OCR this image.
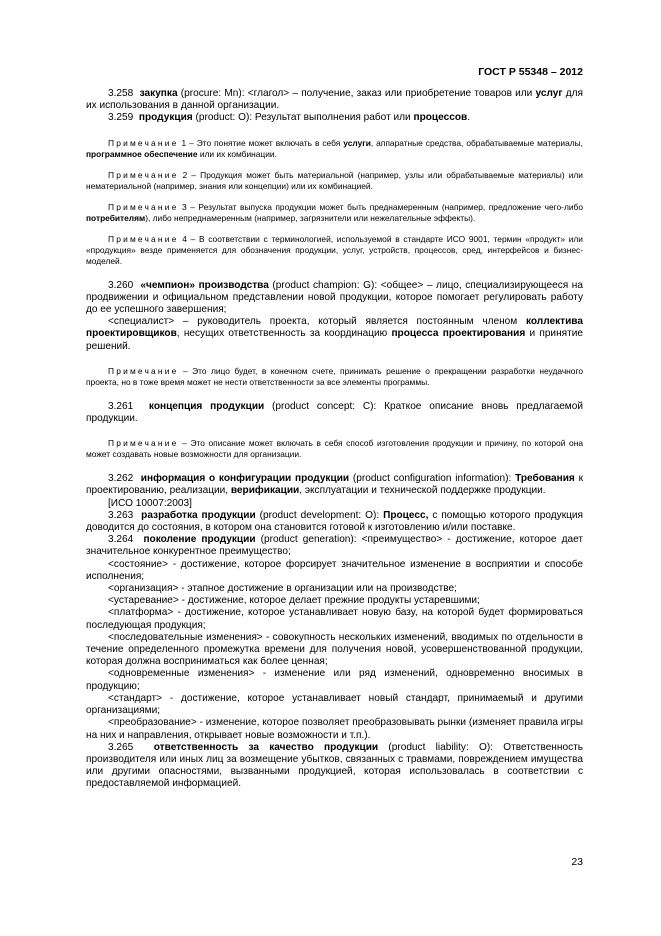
ГОСТ Р 55348 – 2012

3.258 закупка (procure: Mn): <глагол> – получение, заказ или приобретение товаров или услуг для их использования в данной организации.

3.259 продукция (product: O): Результат выполнения работ или процессов.

Примечание 1 – Это понятие может включать в себя услуги, аппаратные средства, обрабатываемые материалы, программное обеспечение или их комбинации.

Примечание 2 – Продукция может быть материальной (например, узлы или обрабатываемые материалы) или нематериальной (например, знания или концепции) или их комбинацией.

Примечание 3 – Результат выпуска продукции может быть преднамеренным (например, предложение чего-либо потребителям), либо непреднамеренным (например, загрязнители или нежелательные эффекты).

Примечание 4 – В соответствии с терминологией, используемой в стандарте ИСО 9001, термин «продукт» или «продукция» везде применяется для обозначения продукции, услуг, устройств, процессов, сред, интерфейсов и бизнес-моделей.

3.260 «чемпион» производства (product champion: G): <общее> – лицо, специализирующееся на продвижении и официальном представлении новой продукции, которое помогает регулировать работу до ее успешного завершения;

<специалист> – руководитель проекта, который является постоянным членом коллектива проектировщиков, несущих ответственность за координацию процесса проектирования и принятие решений.

Примечание – Это лицо будет, в конечном счете, принимать решение о прекращении разработки неудачного проекта, но в тоже время может не нести ответственности за все элементы программы.

3.261 концепция продукции (product concept: C): Краткое описание вновь предлагаемой продукции.

Примечание – Это описание может включать в себя способ изготовления продукции и причину, по которой она может создавать новые возможности для организации.

3.262 информация о конфигурации продукции (product configuration information): Требования к проектированию, реализации, верификации, эксплуатации и технической поддержке продукции.

[ИСО 10007:2003]

3.263 разработка продукции (product development: O): Процесс, с помощью которого продукция доводится до состояния, в котором она становится готовой к изготовлению и/или поставке.

3.264 поколение продукции (product generation): <преимущество> - достижение, которое дает значительное конкурентное преимущество;

<состояние> - достижение, которое форсирует значительное изменение в восприятии и способе исполнения;

<организация> - этапное достижение в организации или на производстве;

<устаревание> - достижение, которое делает прежние продукты устаревшими;

<платформа> - достижение, которое устанавливает новую базу, на которой будет формироваться последующая продукция;

<последовательные изменения> - совокупность нескольких изменений, вводимых по отдельности в течение определенного промежутка времени для получения новой, усовершенствованной продукции, которая должна восприниматься как более ценная;

<одновременные изменения> - изменение или ряд изменений, одновременно вносимых в продукцию;

<стандарт> - достижение, которое устанавливает новый стандарт, принимаемый и другими организациями;

<преобразование> - изменение, которое позволяет преобразовывать рынки (изменяет правила игры на них и направления, открывает новые возможности и т.п.).

3.265 ответственность за качество продукции (product liability: O): Ответственность производителя или иных лиц за возмещение убытков, связанных с травмами, повреждением имущества или другими опасностями, вызванными продукцией, которая использовалась в соответствии с предоставляемой информацией.

23
